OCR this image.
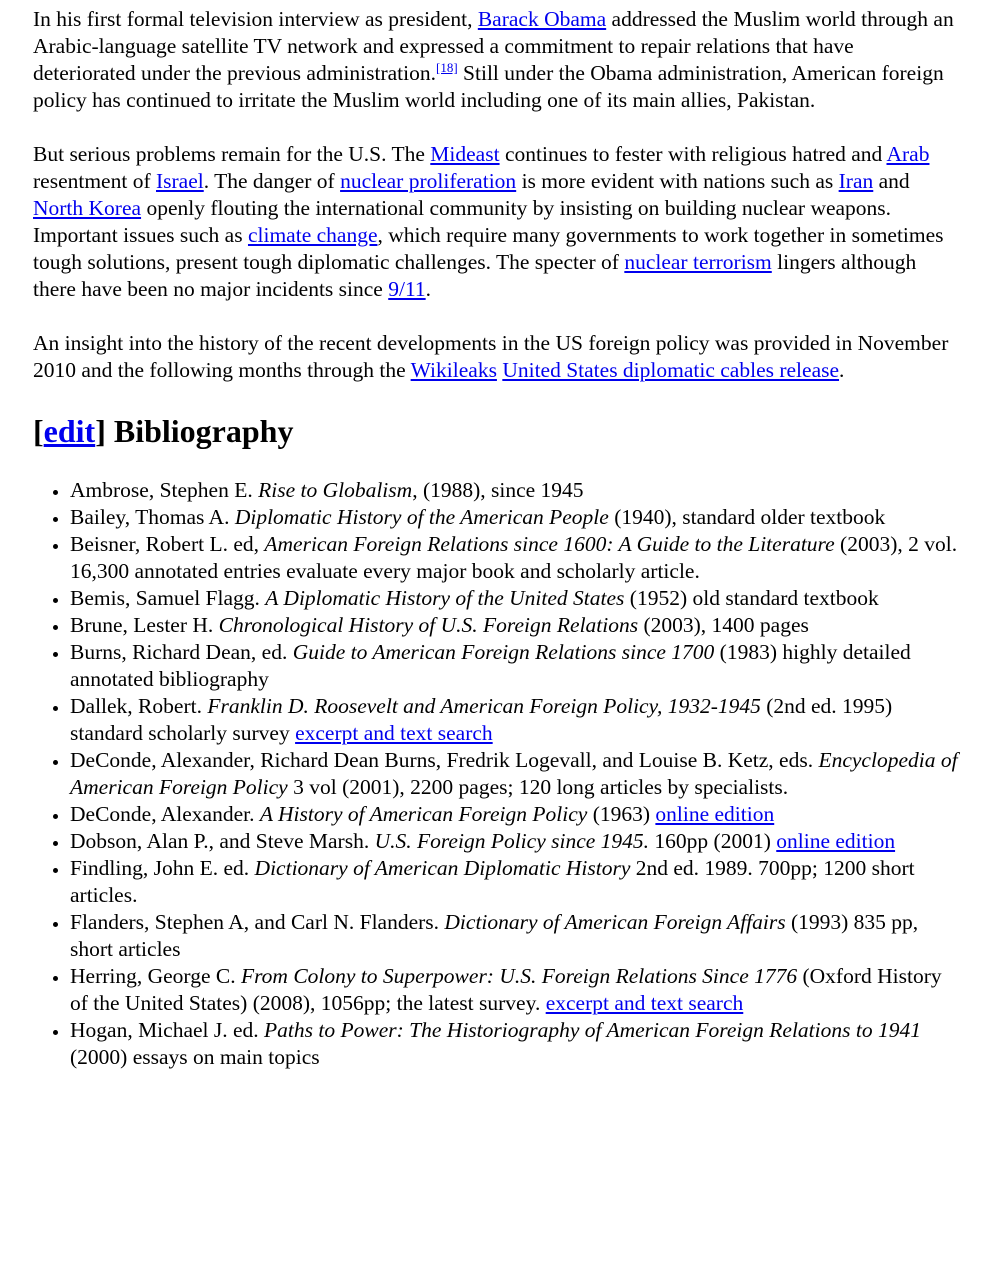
In his first formal television interview as president, Barack Obama addressed the Muslim world through an Arabic-language satellite TV network and expressed a commitment to repair relations that have deteriorated under the previous administration.[18] Still under the Obama administration, American foreign policy has continued to irritate the Muslim world including one of its main allies, Pakistan.

But serious problems remain for the U.S. The Mideast continues to fester with religious hatred and Arab resentment of Israel. The danger of nuclear proliferation is more evident with nations such as Iran and North Korea openly flouting the international community by insisting on building nuclear weapons. Important issues such as climate change, which require many governments to work together in sometimes tough solutions, present tough diplomatic challenges. The specter of nuclear terrorism lingers although there have been no major incidents since 9/11.

An insight into the history of the recent developments in the US foreign policy was provided in November 2010 and the following months through the Wikileaks United States diplomatic cables release.

[edit] Bibliography
• Ambrose, Stephen E. Rise to Globalism, (1988), since 1945
• Bailey, Thomas A. Diplomatic History of the American People (1940), standard older textbook
• Beisner, Robert L. ed, American Foreign Relations since 1600: A Guide to the Literature (2003), 2 vol. 16,300 annotated entries evaluate every major book and scholarly article.
• Bemis, Samuel Flagg. A Diplomatic History of the United States (1952) old standard textbook
• Brune, Lester H. Chronological History of U.S. Foreign Relations (2003), 1400 pages
• Burns, Richard Dean, ed. Guide to American Foreign Relations since 1700 (1983) highly detailed annotated bibliography
• Dallek, Robert. Franklin D. Roosevelt and American Foreign Policy, 1932-1945 (2nd ed. 1995) standard scholarly survey excerpt and text search
• DeConde, Alexander, Richard Dean Burns, Fredrik Logevall, and Louise B. Ketz, eds. Encyclopedia of American Foreign Policy 3 vol (2001), 2200 pages; 120 long articles by specialists.
• DeConde, Alexander. A History of American Foreign Policy (1963) online edition
• Dobson, Alan P., and Steve Marsh. U.S. Foreign Policy since 1945. 160pp (2001) online edition
• Findling, John E. ed. Dictionary of American Diplomatic History 2nd ed. 1989. 700pp; 1200 short articles.
• Flanders, Stephen A, and Carl N. Flanders. Dictionary of American Foreign Affairs (1993) 835 pp, short articles
• Herring, George C. From Colony to Superpower: U.S. Foreign Relations Since 1776 (Oxford History of the United States) (2008), 1056pp; the latest survey. excerpt and text search
• Hogan, Michael J. ed. Paths to Power: The Historiography of American Foreign Relations to 1941 (2000) essays on main topics
